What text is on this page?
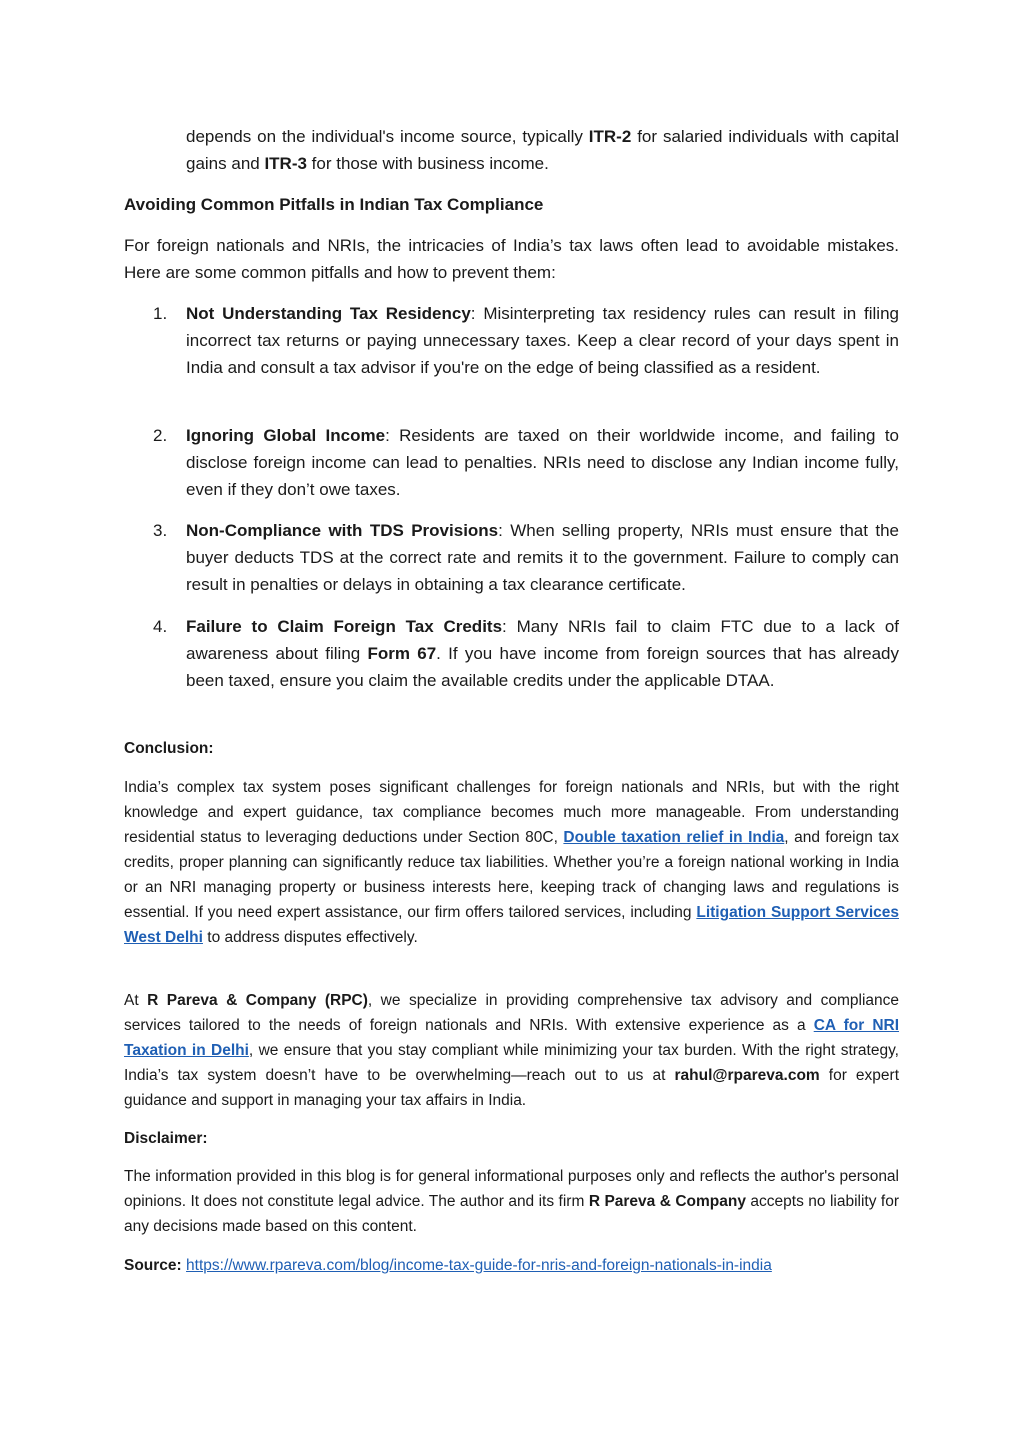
depends on the individual's income source, typically ITR-2 for salaried individuals with capital gains and ITR-3 for those with business income.

Avoiding Common Pitfalls in Indian Tax Compliance

For foreign nationals and NRIs, the intricacies of India’s tax laws often lead to avoidable mistakes. Here are some common pitfalls and how to prevent them:

1. Not Understanding Tax Residency: Misinterpreting tax residency rules can result in filing incorrect tax returns or paying unnecessary taxes. Keep a clear record of your days spent in India and consult a tax advisor if you're on the edge of being classified as a resident.

2. Ignoring Global Income: Residents are taxed on their worldwide income, and failing to disclose foreign income can lead to penalties. NRIs need to disclose any Indian income fully, even if they don’t owe taxes.

3. Non-Compliance with TDS Provisions: When selling property, NRIs must ensure that the buyer deducts TDS at the correct rate and remits it to the government. Failure to comply can result in penalties or delays in obtaining a tax clearance certificate.

4. Failure to Claim Foreign Tax Credits: Many NRIs fail to claim FTC due to a lack of awareness about filing Form 67. If you have income from foreign sources that has already been taxed, ensure you claim the available credits under the applicable DTAA.

Conclusion:

India’s complex tax system poses significant challenges for foreign nationals and NRIs, but with the right knowledge and expert guidance, tax compliance becomes much more manageable. From understanding residential status to leveraging deductions under Section 80C, Double taxation relief in India, and foreign tax credits, proper planning can significantly reduce tax liabilities. Whether you’re a foreign national working in India or an NRI managing property or business interests here, keeping track of changing laws and regulations is essential. If you need expert assistance, our firm offers tailored services, including Litigation Support Services West Delhi to address disputes effectively.

At R Pareva & Company (RPC), we specialize in providing comprehensive tax advisory and compliance services tailored to the needs of foreign nationals and NRIs. With extensive experience as a CA for NRI Taxation in Delhi, we ensure that you stay compliant while minimizing your tax burden. With the right strategy, India’s tax system doesn’t have to be overwhelming—reach out to us at rahul@rpareva.com for expert guidance and support in managing your tax affairs in India.

Disclaimer:

The information provided in this blog is for general informational purposes only and reflects the author's personal opinions. It does not constitute legal advice. The author and its firm R Pareva & Company accepts no liability for any decisions made based on this content.

Source: https://www.rpareva.com/blog/income-tax-guide-for-nris-and-foreign-nationals-in-india
